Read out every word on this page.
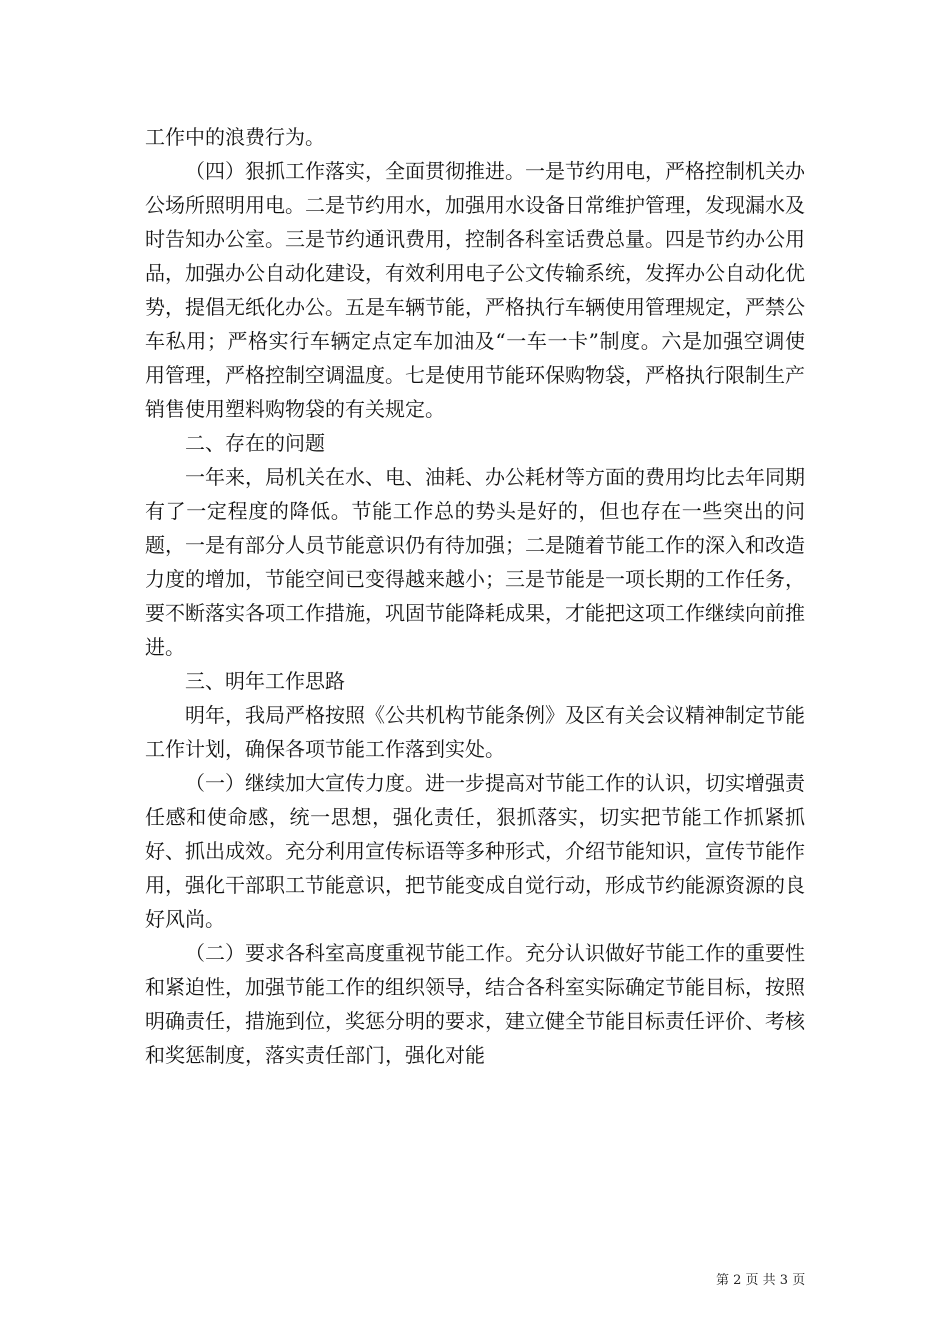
工作中的浪费行为。

（四）狠抓工作落实，全面贯彻推进。一是节约用电，严格控制机关办公场所照明用电。二是节约用水，加强用水设备日常维护管理，发现漏水及时告知办公室。三是节约通讯费用，控制各科室话费总量。四是节约办公用品，加强办公自动化建设，有效利用电子公文传输系统，发挥办公自动化优势，提倡无纸化办公。五是车辆节能，严格执行车辆使用管理规定，严禁公车私用；严格实行车辆定点定车加油及“一车一卡”制度。六是加强空调使用管理，严格控制空调温度。七是使用节能环保购物袋，严格执行限制生产销售使用塑料购物袋的有关规定。

二、存在的问题

一年来，局机关在水、电、油耗、办公耗材等方面的费用均比去年同期有了一定程度的降低。节能工作总的势头是好的，但也存在一些突出的问题，一是有部分人员节能意识仍有待加强；二是随着节能工作的深入和改造力度的增加，节能空间已变得越来越小；三是节能是一项长期的工作任务，要不断落实各项工作措施，巩固节能降耗成果，才能把这项工作继续向前推进。

三、明年工作思路

明年，我局严格按照《公共机构节能条例》及区有关会议精神制定节能工作计划，确保各项节能工作落到实处。

（一）继续加大宣传力度。进一步提高对节能工作的认识，切实增强责任感和使命感，统一思想，强化责任，狠抓落实，切实把节能工作抓紧抓好、抓出成效。充分利用宣传标语等多种形式，介绍节能知识，宣传节能作用，强化干部职工节能意识，把节能变成自觉行动，形成节约能源资源的良好风尚。

（二）要求各科室高度重视节能工作。充分认识做好节能工作的重要性和紧迫性，加强节能工作的组织领导，结合各科室实际确定节能目标，按照明确责任，措施到位，奖惩分明的要求，建立健全节能目标责任评价、考核和奖惩制度，落实责任部门，强化对能

第 2 页 共 3 页
